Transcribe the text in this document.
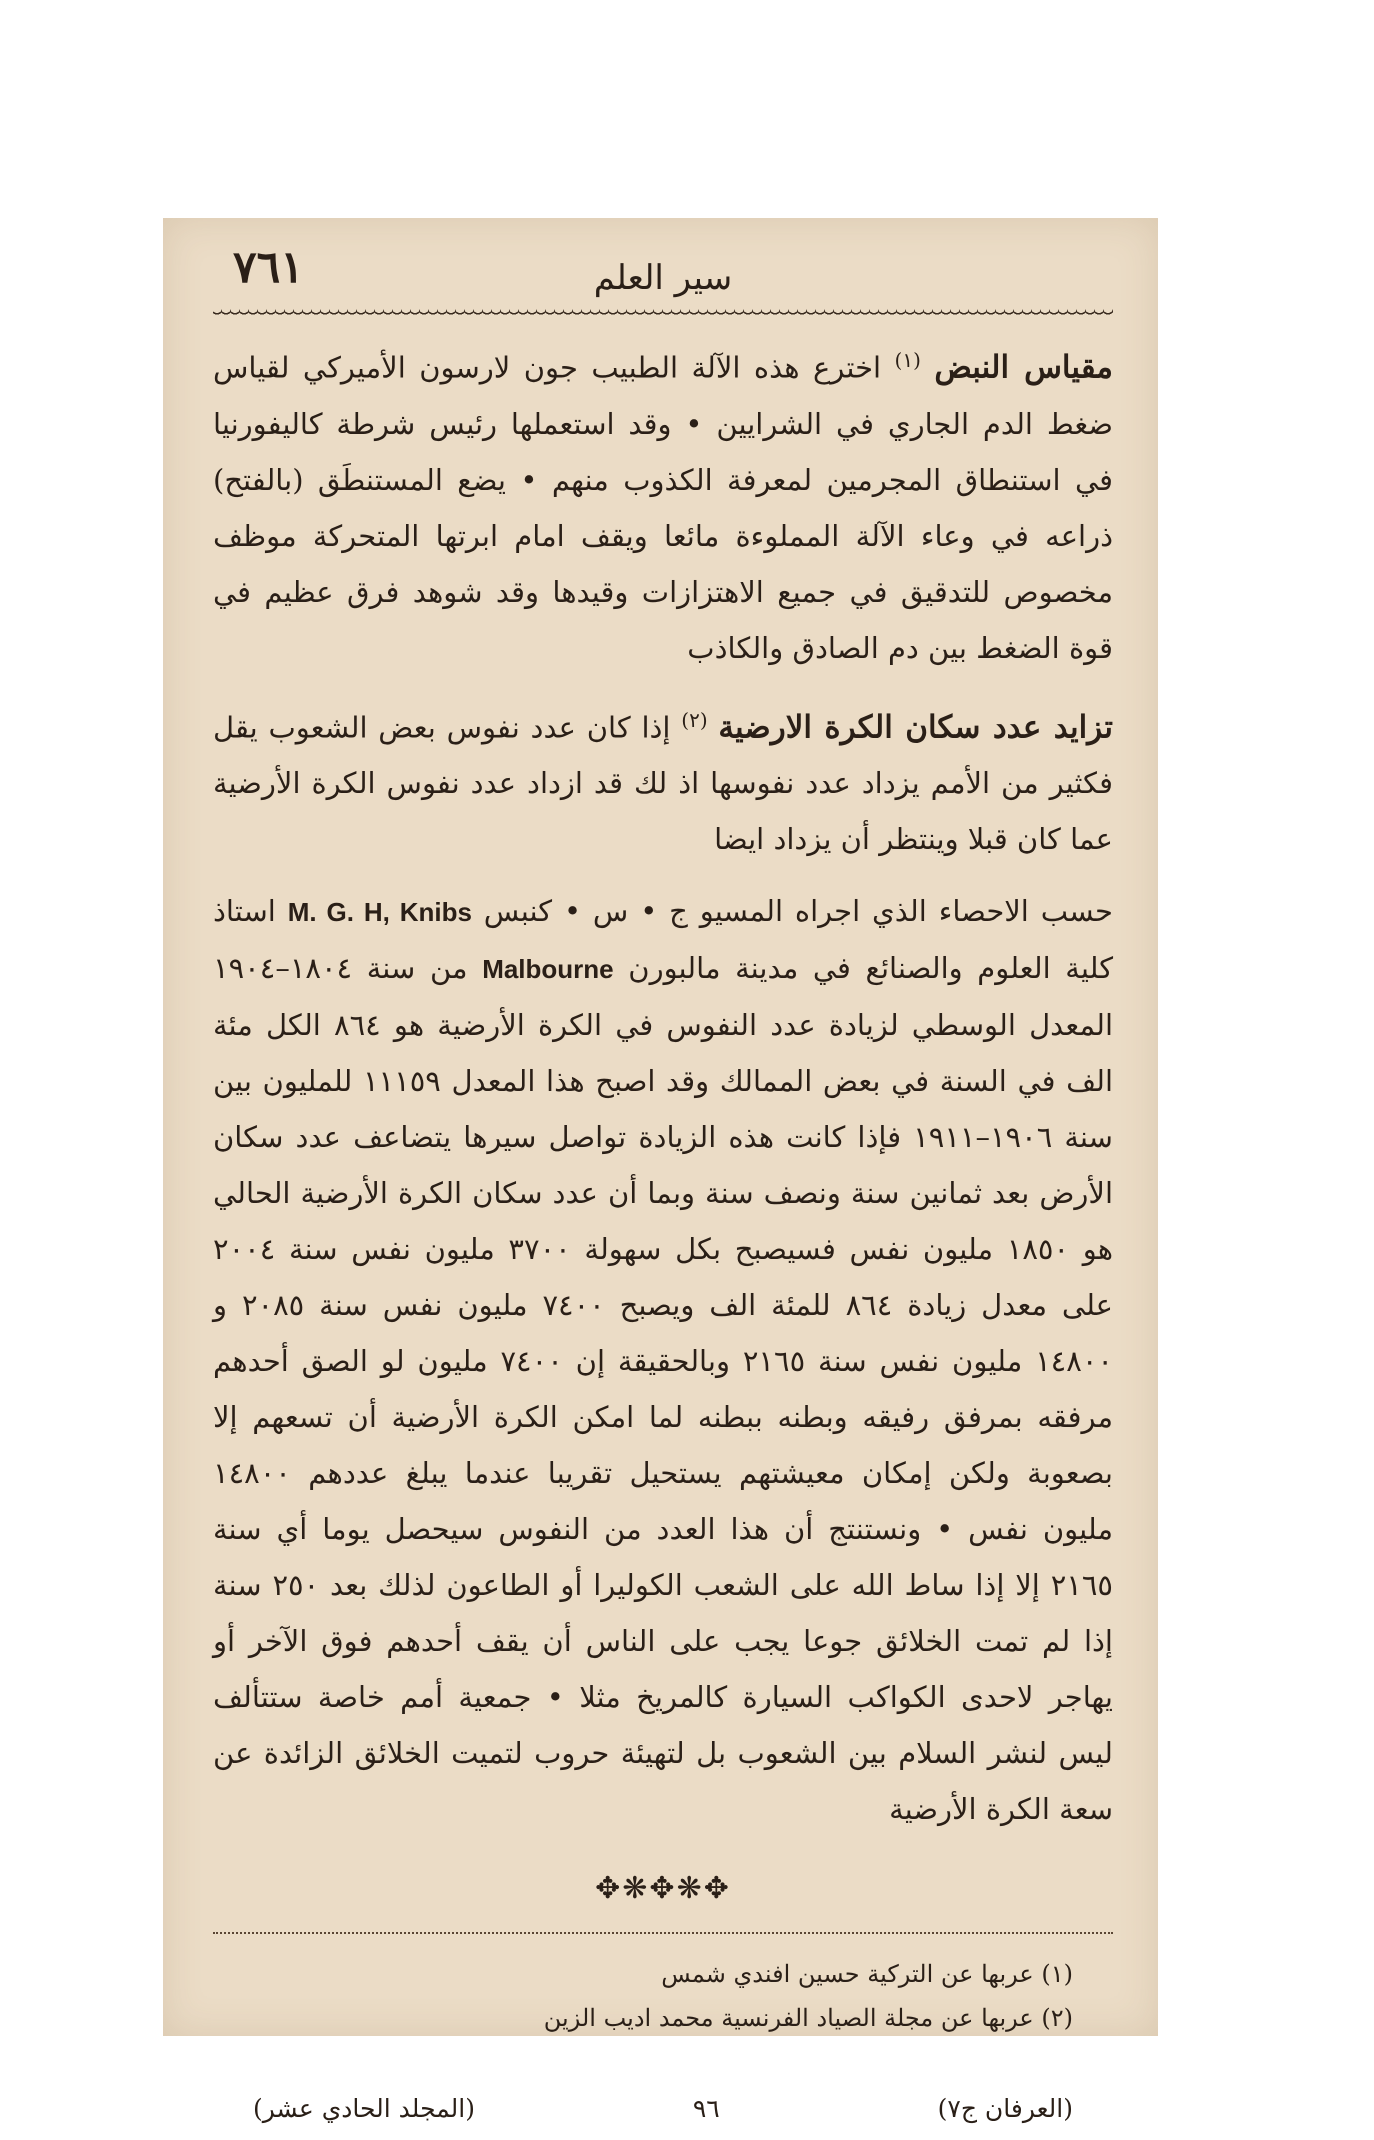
سير العلم
٧٦١

مقياس النبض $^{(١)}$ اخترع هذه الآلة الطبيب جون لارسون الأميركي لقياس ضغط الدم الجاري في الشرايين • وقد استعملها رئيس شرطة كاليفورنيا في استنطاق المجرمين لمعرفة الكذوب منهم • يضع المستنطَق (بالفتح) ذراعه في وعاء الآلة المملوءة مائعا ويقف امام ابرتها المتحركة موظف مخصوص للتدقيق في جميع الاهتزازات وقيدها وقد شوهد فرق عظيم في قوة الضغط بين دم الصادق والكاذب

تزايد عدد سكان الكرة الارضية $^{(٢)}$ إذا كان عدد نفوس بعض الشعوب يقل فكثير من الأمم يزداد عدد نفوسها اذ لك قد ازداد عدد نفوس الكرة الأرضية عما كان قبلا وينتظر أن يزداد ايضا

حسب الاحصاء الذي اجراه المسيو ج • س • كنبس M. G. H, Knibs استاذ كلية العلوم والصنائع في مدينة مالبورن Malbourne من سنة ١٨٠٤–١٩٠٤ المعدل الوسطي لزيادة عدد النفوس في الكرة الأرضية هو ٨٦٤ الكل مئة الف في السنة في بعض الممالك وقد اصبح هذا المعدل ١١١٥٩ للمليون بين سنة ١٩٠٦–١٩١١ فإذا كانت هذه الزيادة تواصل سيرها يتضاعف عدد سكان الأرض بعد ثمانين سنة ونصف سنة وبما أن عدد سكان الكرة الأرضية الحالي هو ١٨٥٠ مليون نفس فسيصبح بكل سهولة ٣٧٠٠ مليون نفس سنة ٢٠٠٤ على معدل زيادة ٨٦٤ للمئة الف ويصبح ٧٤٠٠ مليون نفس سنة ٢٠٨٥ و ١٤٨٠٠ مليون نفس سنة ٢١٦٥ وبالحقيقة إن ٧٤٠٠ مليون لو الصق أحدهم مرفقه بمرفق رفيقه وبطنه ببطنه لما امكن الكرة الأرضية أن تسعهم إلا بصعوبة ولكن إمكان معيشتهم يستحيل تقريبا عندما يبلغ عددهم ١٤٨٠٠ مليون نفس • ونستنتج أن هذا العدد من النفوس سيحصل يوما أي سنة ٢١٦٥ إلا إذا ساط الله على الشعب الكوليرا أو الطاعون لذلك بعد ٢٥٠ سنة إذا لم تمت الخلائق جوعا يجب على الناس أن يقف أحدهم فوق الآخر أو يهاجر لاحدى الكواكب السيارة كالمريخ مثلا • جمعية أمم خاصة ستتألف ليس لنشر السلام بين الشعوب بل لتهيئة حروب لتميت الخلائق الزائدة عن سعة الكرة الأرضية

✥❋✥❋✥
(١) عربها عن التركية حسين افندي شمس
(٢) عربها عن مجلة الصياد الفرنسية محمد اديب الزين
(العرفان ج٧)
٩٦
(المجلد الحادي عشر)
